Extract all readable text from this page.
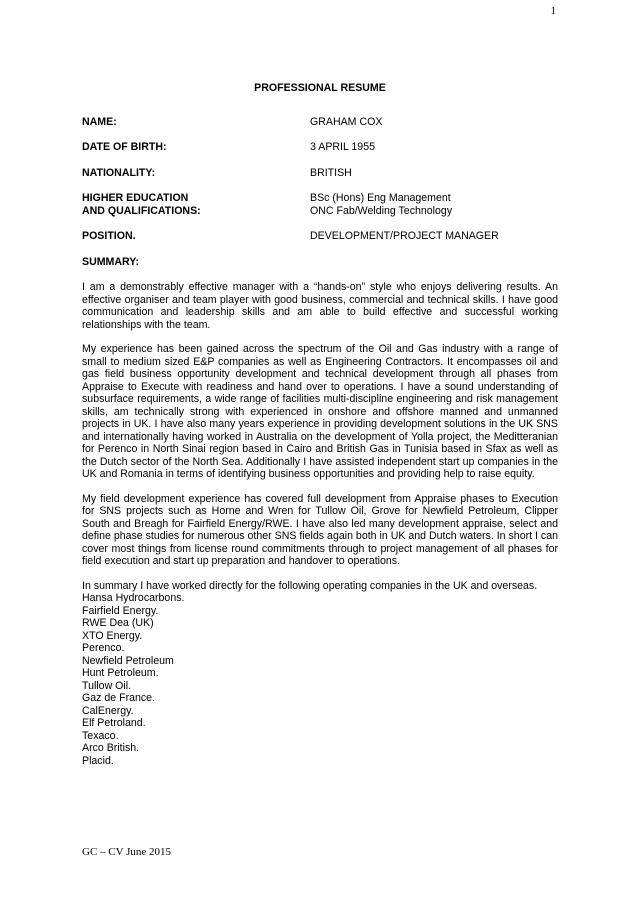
1
PROFESSIONAL RESUME
NAME:	GRAHAM COX
DATE OF BIRTH:	3 APRIL 1955
NATIONALITY:	BRITISH
HIGHER EDUCATION
AND QUALIFICATIONS:
BSc (Hons) Eng Management
ONC Fab/Welding Technology
POSITION.	DEVELOPMENT/PROJECT MANAGER
SUMMARY:

I am a demonstrably effective manager with a “hands-on” style who enjoys delivering results. An effective organiser and team player with good business, commercial and technical skills. I have good communication and leadership skills and am able to build effective and successful working relationships with the team.

My experience has been gained across the spectrum of the Oil and Gas industry with a range of small to medium sized E&P companies as well as Engineering Contractors. It encompasses oil and gas field business opportunity development and technical development through all phases from Appraise to Execute with readiness and hand over to operations. I have a sound understanding of subsurface requirements, a wide range of facilities multi-discipline engineering and risk management skills, am technically strong with experienced in onshore and offshore manned and unmanned projects in UK. I have also many years experience in providing development solutions in the UK SNS and internationally having worked in Australia on the development of Yolla project, the Meditteranian for Perenco in North Sinai region based in Cairo and British Gas in Tunisia based in Sfax as well as the Dutch sector of the North Sea. Additionally I have assisted independent start up companies in the UK and Romania in terms of identifying business opportunities and providing help to raise equity.

My field development experience has covered full development from Appraise phases to Execution for SNS projects such as Horne and Wren for Tullow Oil, Grove for Newfield Petroleum, Clipper South and Breagh for Fairfield Energy/RWE. I have also led many development appraise, select and define phase studies for numerous other SNS fields again both in UK and Dutch waters. In short I can cover most things from license round commitments through to project management of all phases for field execution and start up preparation and handover to operations.

In summary I have worked directly for the following operating companies in the UK and overseas.

Hansa Hydrocarbons.
Fairfield Energy.
RWE Dea (UK)
XTO Energy.
Perenco.
Newfield Petroleum
Hunt Petroleum.
Tullow Oil.
Gaz de France.
CalEnergy.
Elf Petroland.
Texaco.
Arco British.
Placid.
GC – CV June 2015
